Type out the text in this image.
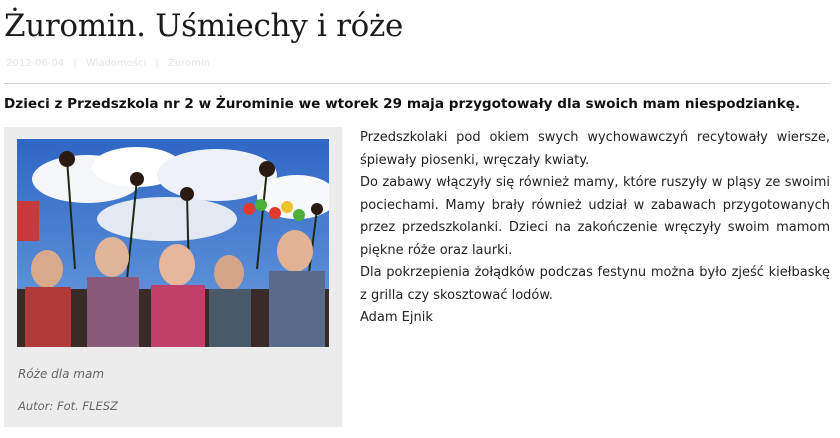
Żuromin. Uśmiechy i róże
2012-06-04 | Wiadomości | Żuromin

Dzieci z Przedszkola nr 2 w Żurominie we wtorek 29 maja przygotowały dla swoich mam niespodziankę.

Róże dla mam
Autor: Fot. FLESZ

Przedszkolaki pod okiem swych wychowawczyń recytowały wiersze, śpiewały piosenki, wręczały kwiaty.

Do zabawy włączyły się również mamy, które ruszyły w pląsy ze swoimi pociechami. Mamy brały również udział w zabawach przygotowanych przez przedszkolanki. Dzieci na zakończenie wręczyły swoim mamom piękne róże oraz laurki.

Dla pokrzepienia żołądków podczas festynu można było zjeść kiełbaskę z grilla czy skosztować lodów.

Adam Ejnik
